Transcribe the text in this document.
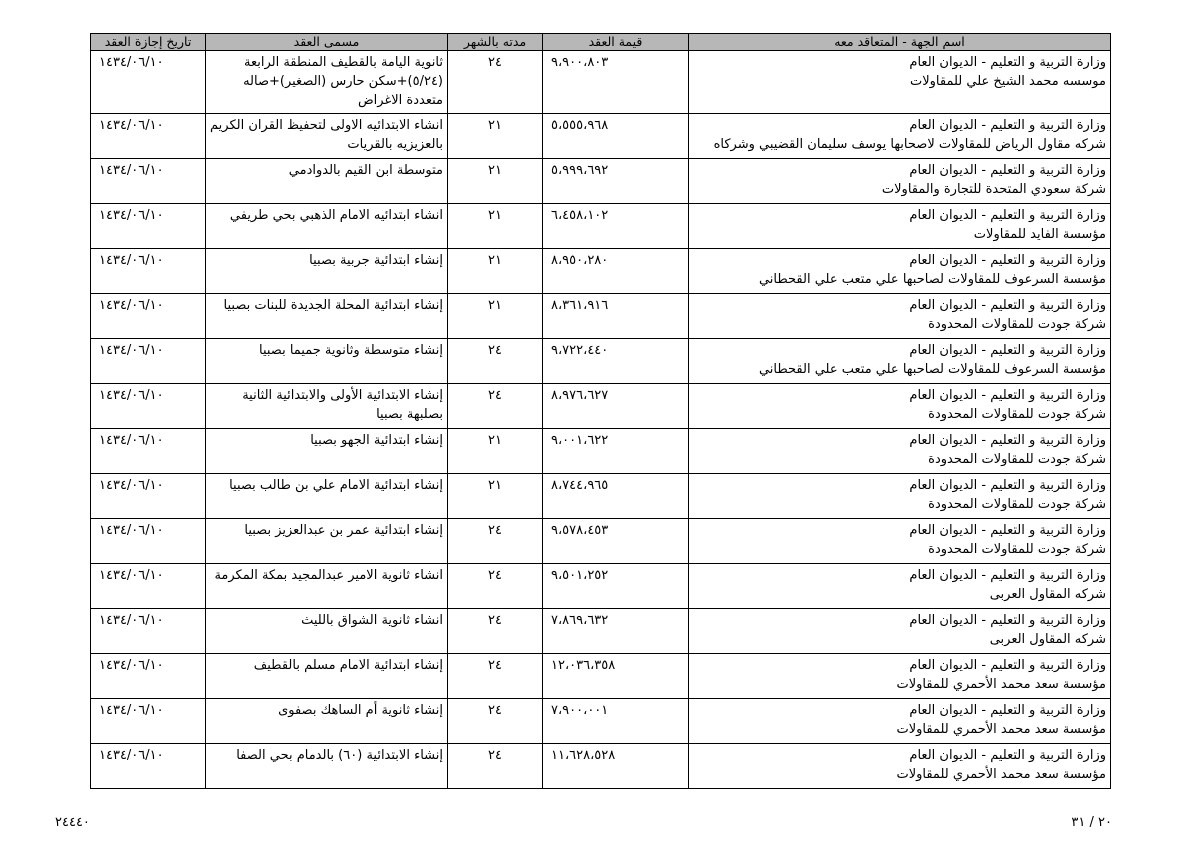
اسم الجهة - المتعاقد معه	قيمة العقد	مدته بالشهر	مسمى العقد	تاريخ إجازة العقد

وزارة التربية و التعليم - الديوان العام
موسسه محمد الشيخ علي للمقاولات	٩،٩٠٠،٨٠٣	٢٤	ثانوية اليامة بالقطيف المنطقة الرابعة (٥/٢٤)+سكن حارس (الصغير)+صاله متعددة الاغراض	١٤٣٤/٠٦/١٠

وزارة التربية و التعليم - الديوان العام
شركه مقاول الرياض للمقاولات لاصحابها يوسف سليمان القضيبي وشركاه	٥،٥٥٥،٩٦٨	٢١	انشاء الابتدائيه الاولى لتحفيظ القران الكريم بالعزيزيه بالقريات	١٤٣٤/٠٦/١٠

وزارة التربية و التعليم - الديوان العام
شركة سعودي المتحدة للتجارة والمقاولات	٥،٩٩٩،٦٩٢	٢١	متوسطة ابن القيم بالدوادمي	١٤٣٤/٠٦/١٠

وزارة التربية و التعليم - الديوان العام
مؤسسة الفايد للمقاولات	٦،٤٥٨،١٠٢	٢١	انشاء ابتدائيه الامام الذهبي بحي طريفي	١٤٣٤/٠٦/١٠

وزارة التربية و التعليم - الديوان العام
مؤسسة السرعوف للمقاولات لصاحبها علي متعب علي القحطاني	٨،٩٥٠،٢٨٠	٢١	إنشاء ابتدائية جربية بصبيا	١٤٣٤/٠٦/١٠

وزارة التربية و التعليم - الديوان العام
شركة جودت للمقاولات المحدودة	٨،٣٦١،٩١٦	٢١	إنشاء ابتدائية المحلة الجديدة للبنات بصبيا	١٤٣٤/٠٦/١٠

وزارة التربية و التعليم - الديوان العام
مؤسسة السرعوف للمقاولات لصاحبها علي متعب علي القحطاني	٩،٧٢٢،٤٤٠	٢٤	إنشاء متوسطة وثانوية جميما بصبيا	١٤٣٤/٠٦/١٠

وزارة التربية و التعليم - الديوان العام
شركة جودت للمقاولات المحدودة	٨،٩٧٦،٦٢٧	٢٤	إنشاء الابتدائية الأولى والابتدائية الثانية بصلبهة بصبيا	١٤٣٤/٠٦/١٠

وزارة التربية و التعليم - الديوان العام
شركة جودت للمقاولات المحدودة	٩،٠٠١،٦٢٢	٢١	إنشاء ابتدائية الجهو بصبيا	١٤٣٤/٠٦/١٠

وزارة التربية و التعليم - الديوان العام
شركة جودت للمقاولات المحدودة	٨،٧٤٤،٩٦٥	٢١	إنشاء ابتدائية الامام علي بن طالب بصبيا	١٤٣٤/٠٦/١٠

وزارة التربية و التعليم - الديوان العام
شركة جودت للمقاولات المحدودة	٩،٥٧٨،٤٥٣	٢٤	إنشاء ابتدائية عمر بن عبدالعزيز بصبيا	١٤٣٤/٠٦/١٠

وزارة التربية و التعليم - الديوان العام
شركه المقاول العربى	٩،٥٠١،٢٥٢	٢٤	انشاء ثانوية الامير عبدالمجيد بمكة المكرمة	١٤٣٤/٠٦/١٠

وزارة التربية و التعليم - الديوان العام
شركه المقاول العربى	٧،٨٦٩،٦٣٢	٢٤	انشاء ثانوية الشواق بالليث	١٤٣٤/٠٦/١٠

وزارة التربية و التعليم - الديوان العام
مؤسسة سعد محمد الأحمري للمقاولات	١٢،٠٣٦،٣٥٨	٢٤	إنشاء ابتدائية الامام مسلم بالقطيف	١٤٣٤/٠٦/١٠

وزارة التربية و التعليم - الديوان العام
مؤسسة سعد محمد الأحمري للمقاولات	٧،٩٠٠،٠٠١	٢٤	إنشاء ثانوية أم الساهك بصفوى	١٤٣٤/٠٦/١٠

وزارة التربية و التعليم - الديوان العام
مؤسسة سعد محمد الأحمري للمقاولات	١١،٦٢٨،٥٢٨	٢٤	إنشاء الابتدائية (٦٠) بالدمام بحي الصفا	١٤٣٤/٠٦/١٠
٢٤٤٤٠	٢٠ / ٣١
